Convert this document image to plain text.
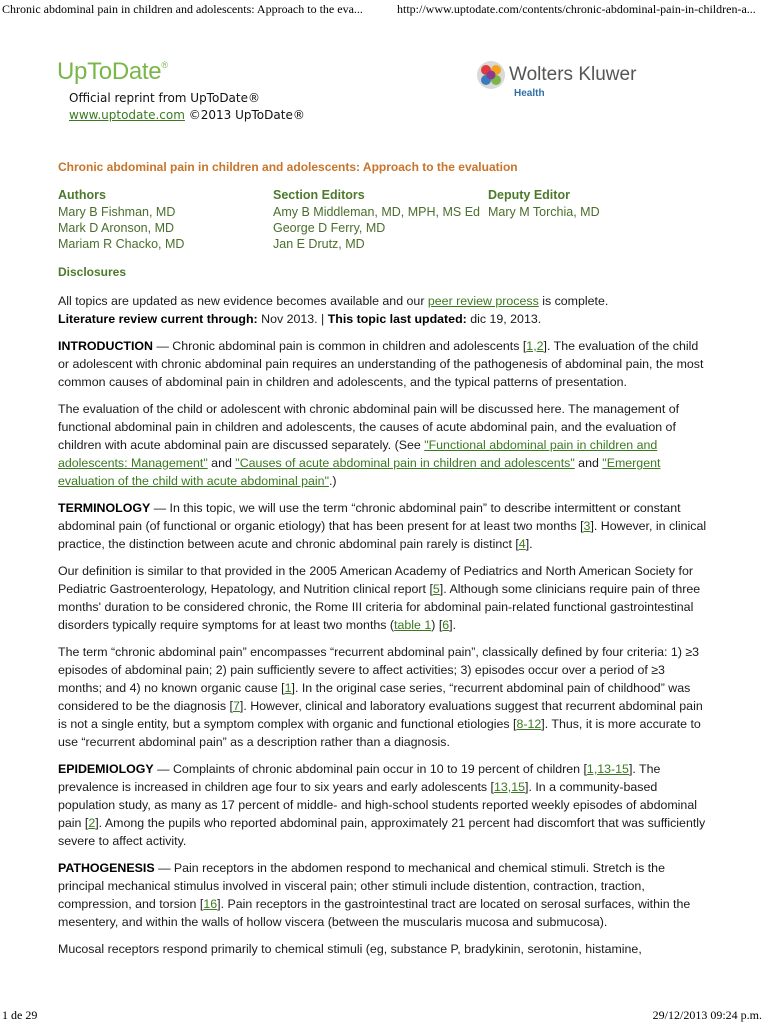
Chronic abdominal pain in children and adolescents: Approach to the eva...	http://www.uptodate.com/contents/chronic-abdominal-pain-in-children-a...
UpToDate®
Official reprint from UpToDate®
www.uptodate.com ©2013 UpToDate®
Wolters Kluwer
Health
Chronic abdominal pain in children and adolescents: Approach to the evaluation
Authors
Mary B Fishman, MD
Mark D Aronson, MD
Mariam R Chacko, MD
Section Editors
Amy B Middleman, MD, MPH, MS Ed
George D Ferry, MD
Jan E Drutz, MD
Deputy Editor
Mary M Torchia, MD
Disclosures

All topics are updated as new evidence becomes available and our peer review process is complete.
Literature review current through: Nov 2013. | This topic last updated: dic 19, 2013.

INTRODUCTION — Chronic abdominal pain is common in children and adolescents [1,2]. The evaluation of the child or adolescent with chronic abdominal pain requires an understanding of the pathogenesis of abdominal pain, the most common causes of abdominal pain in children and adolescents, and the typical patterns of presentation.

The evaluation of the child or adolescent with chronic abdominal pain will be discussed here. The management of functional abdominal pain in children and adolescents, the causes of acute abdominal pain, and the evaluation of children with acute abdominal pain are discussed separately. (See "Functional abdominal pain in children and adolescents: Management" and "Causes of acute abdominal pain in children and adolescents" and "Emergent evaluation of the child with acute abdominal pain".)

TERMINOLOGY — In this topic, we will use the term “chronic abdominal pain” to describe intermittent or constant abdominal pain (of functional or organic etiology) that has been present for at least two months [3]. However, in clinical practice, the distinction between acute and chronic abdominal pain rarely is distinct [4].

Our definition is similar to that provided in the 2005 American Academy of Pediatrics and North American Society for Pediatric Gastroenterology, Hepatology, and Nutrition clinical report [5]. Although some clinicians require pain of three months' duration to be considered chronic, the Rome III criteria for abdominal pain-related functional gastrointestinal disorders typically require symptoms for at least two months (table 1) [6].

The term “chronic abdominal pain” encompasses “recurrent abdominal pain”, classically defined by four criteria: 1) ≥3 episodes of abdominal pain; 2) pain sufficiently severe to affect activities; 3) episodes occur over a period of ≥3 months; and 4) no known organic cause [1]. In the original case series, “recurrent abdominal pain of childhood” was considered to be the diagnosis [7]. However, clinical and laboratory evaluations suggest that recurrent abdominal pain is not a single entity, but a symptom complex with organic and functional etiologies [8-12]. Thus, it is more accurate to use “recurrent abdominal pain” as a description rather than a diagnosis.

EPIDEMIOLOGY — Complaints of chronic abdominal pain occur in 10 to 19 percent of children [1,13-15]. The prevalence is increased in children age four to six years and early adolescents [13,15]. In a community-based population study, as many as 17 percent of middle- and high-school students reported weekly episodes of abdominal pain [2]. Among the pupils who reported abdominal pain, approximately 21 percent had discomfort that was sufficiently severe to affect activity.

PATHOGENESIS — Pain receptors in the abdomen respond to mechanical and chemical stimuli. Stretch is the principal mechanical stimulus involved in visceral pain; other stimuli include distention, contraction, traction, compression, and torsion [16]. Pain receptors in the gastrointestinal tract are located on serosal surfaces, within the mesentery, and within the walls of hollow viscera (between the muscularis mucosa and submucosa).

Mucosal receptors respond primarily to chemical stimuli (eg, substance P, bradykinin, serotonin, histamine,

1 de 29	29/12/2013 09:24 p.m.
